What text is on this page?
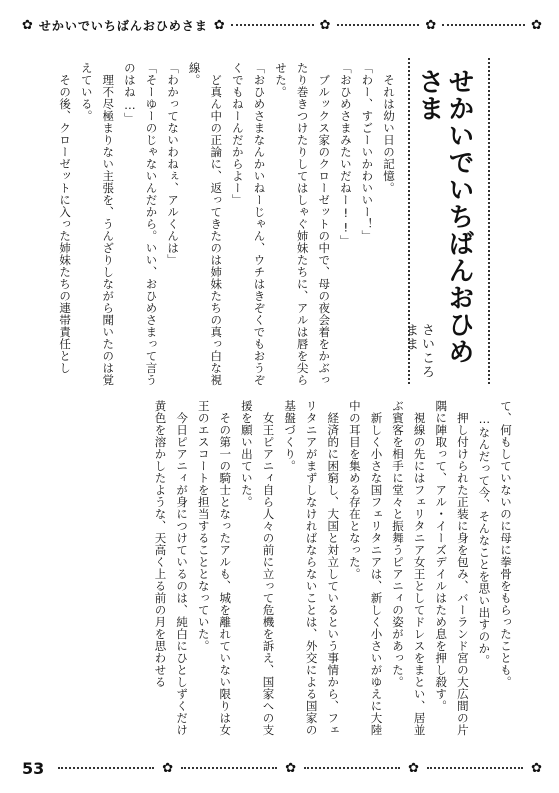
✿ せかいでいちばんおひめさま ✿	✿	✿	✿
せかいでいちばんおひめさま
さいころまま

　それは幼い日の記憶。

「わー、すごーいかわいいー！」

「おひめさまみたいだねー!!」

　ブルックス家のクローゼットの中で、母の夜会着をかぶったり巻きつけたりしてはしゃぐ姉妹たちに、アルは唇を尖らせた。

「おひめさまなんかいねーじゃん、ウチはきぞくでもおうぞくでもねーんだからよー」

　ど真ん中の正論に、返ってきたのは姉妹たちの真っ白な視線。

「わかってないわねぇ、アルくんは」

「そーゆーのじゃないんだから。いい、おひめさまって言うのはね…」

　理不尽極まりない主張を、うんざりしながら聞いたのは覚えている。

　その後、クローゼットに入った姉妹たちの連帯責任とし

て、何もしていないのに母に拳骨をもらったことも。

　…なんだって今、そんなことを思い出すのか。

　押し付けられた正装に身を包み、バーランド宮の大広間の片隅に陣取って、アル・イーズデイルはため息を押し殺す。

　視線の先にはフェリタニア女王としてドレスをまとい、居並ぶ賓客を相手に堂々と振舞うピアニィの姿があった。

　新しく小さな国フェリタニアは、新しく小さいがゆえに大陸中の耳目を集める存在となった。

　経済的に困窮し、大国と対立しているという事情から、フェリタニアがまずしなければならないことは、外交による国家の基盤づくり。

　女王ピアニィ自ら人々の前に立って危機を訴え、国家への支援を願い出ていた。

　その第一の騎士となったアルも、城を離れていない限りは女王のエスコートを担当することとなっていた。

　今日ピアニィが身につけているのは、純白にひとしずくだけ黄色を溶かしたような、天高く上る前の月を思わせる

53	✿	✿	✿	✿
